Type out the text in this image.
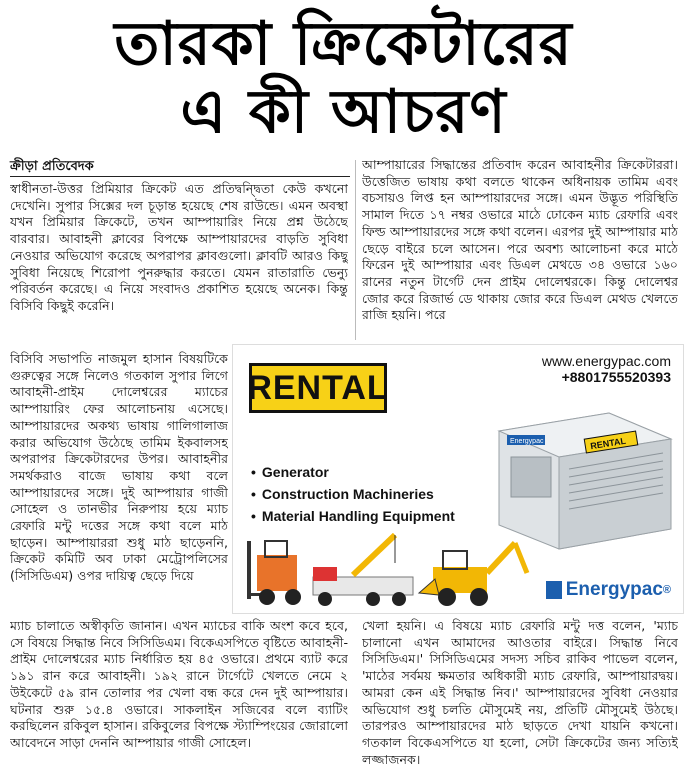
তারকা ক্রিকেটারের
এ কী আচরণ
ক্রীড়া প্রতিবেদক

স্বাধীনতা-উত্তর প্রিমিয়ার ক্রিকেট এত প্রতিদ্বন্দ্বিতা কেউ কখনো দেখেনি। সুপার সিক্সের দল চূড়ান্ত হয়েছে শেষ রাউন্ডে। এমন অবস্থা যখন প্রিমিয়ার ক্রিকেটে, তখন আম্পায়ারিং নিয়ে প্রশ্ন উঠেছে বারবার। আবাহনী ক্লাবের বিপক্ষে আম্পায়ারদের বাড়তি সুবিধা নেওয়ার অভিযোগ করেছে অপরাপর ক্লাবগুলো। ক্লাবটি আরও কিছু সুবিধা নিয়েছে শিরোপা পুনরুদ্ধার করতে। যেমন রাতারাতি ভেন্যু পরিবর্তন করেছে। এ নিয়ে সংবাদও প্রকাশিত হয়েছে অনেক। কিন্তু বিসিবি কিছুই করেনি।

বিসিবি সভাপতি নাজমুল হাসান বিষয়টিকে গুরুত্বের সঙ্গে নিলেও গতকাল সুপার লিগে আবাহনী-প্রাইম দোলেশ্বরের ম্যাচের আম্পায়ারিং ফের আলোচনায় এসেছে। আম্পায়ারদের অকথ্য ভাষায় গালিগালাজ করার অভিযোগ উঠেছে তামিম ইকবালসহ অপরাপর ক্রিকেটারদের উপর। আবাহনীর সমর্থকরাও বাজে ভাষায় কথা বলে আম্পায়ারদের সঙ্গে। দুই আম্পায়ার গাজী সোহেল ও তানভীর নিরুপায় হয়ে ম্যাচ রেফারি মন্টু দত্তের সঙ্গে কথা বলে মাঠ ছাড়েন। আম্পায়াররা শুধু মাঠ ছাড়েননি, ক্রিকেট কমিটি অব ঢাকা মেট্রোপলিসের (সিসিডিএম) ওপর দায়িত্ব ছেড়ে দিয়ে

ম্যাচ চালাতে অস্বীকৃতি জানান। এখন ম্যাচের বাকি অংশ কবে হবে, সে বিষয়ে সিদ্ধান্ত নিবে সিসিডিএম। বিকেএসপিতে বৃষ্টিতে আবাহনী-প্রাইম দোলেশ্বরের ম্যাচ নির্ধারিত হয় ৪৫ ওভারে। প্রথমে ব্যাট করে ১৯১ রান করে আবাহনী। ১৯২ রানে টার্গেটে খেলতে নেমে ২ উইকেটে ৫৯ রান তোলার পর খেলা বন্ধ করে দেন দুই আম্পায়ার। ঘটনার শুরু ১৫.৪ ওভারে। সাকলাইন সজিবের বলে ব্যাটিং করছিলেন রকিবুল হাসান। রকিবুলের বিপক্ষে স্ট্যাম্পিংয়ের জোরালো আবেদনে সাড়া দেননি আম্পায়ার গাজী সোহেল।

আম্পায়ারের সিদ্ধান্তের প্রতিবাদ করেন আবাহনীর ক্রিকেটাররা। উত্তেজিত ভাষায় কথা বলতে থাকেন অধিনায়ক তামিম এবং বচসায়ও লিপ্ত হন আম্পায়ারদের সঙ্গে। এমন উদ্ভূত পরিস্থিতি সামাল দিতে ১৭ নম্বর ওভারে মাঠে ঢোকেন ম্যাচ রেফারি এবং ফিল্ড আম্পায়ারদের সঙ্গে কথা বলেন। এরপর দুই আম্পায়ার মাঠ ছেড়ে বাইরে চলে আসেন। পরে অবশ্য আলোচনা করে মাঠে ফিরেন দুই আম্পায়ার এবং ডিএল মেথডে ৩৪ ওভারে ১৬০ রানের নতুন টার্গেট দেন প্রাইম দোলেশ্বরকে। কিন্তু দোলেশ্বর জোর করে রিজার্ভ ডে থাকায় জোর করে ডিএল মেথড খেলতে রাজি হয়নি। পরে

খেলা হয়নি। এ বিষয়ে ম্যাচ রেফারি মন্টু দত্ত বলেন, 'ম্যাচ চালানো এখন আমাদের আওতার বাইরে। সিদ্ধান্ত নিবে সিসিডিএম।' সিসিডিএমের সদস্য সচিব রাকিব পাভেল বলেন, 'মাঠের সর্বময় ক্ষমতার অধিকারী ম্যাচ রেফারি, আম্পায়ারদ্বয়। আমরা কেন এই সিদ্ধান্ত নিব।' আম্পায়ারদের সুবিধা নেওয়ার অভিযোগ শুধু চলতি মৌসুমেই নয়, প্রতিটি মৌসুমেই উঠছে। তারপরও আম্পায়ারদের মাঠ ছাড়তে দেখা যায়নি কখনো। গতকাল বিকেএসপিতে যা হলো, সেটা ক্রিকেটের জন্য সত্যিই লজ্জাজনক।

RENTAL
www.energypac.com
+8801755520393
Energypac	RENTAL
• Generator
• Construction Machineries
• Material Handling Equipment
Energypac ®
